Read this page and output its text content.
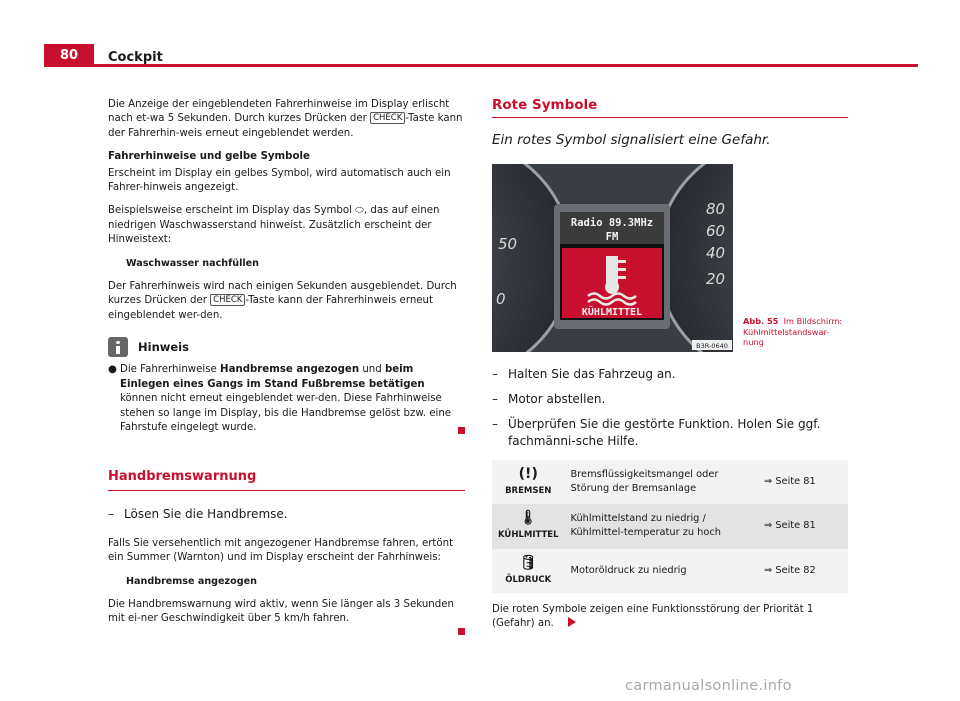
80	Cockpit

Die Anzeige der eingeblendeten Fahrerhinweise im Display erlischt nach et-wa 5 Sekunden. Durch kurzes Drücken der CHECK -Taste kann der Fahrerhin-weis erneut eingeblendet werden.

Fahrerhinweise und gelbe Symbole

Erscheint im Display ein gelbes Symbol, wird automatisch auch ein Fahrer-hinweis angezeigt.

Beispielsweise erscheint im Display das Symbol ⬭, das auf einen niedrigen Waschwasserstand hinweist. Zusätzlich erscheint der Hinweistext:

Waschwasser nachfüllen

Der Fahrerhinweis wird nach einigen Sekunden ausgeblendet. Durch kurzes Drücken der CHECK -Taste kann der Fahrerhinweis erneut eingeblendet wer-den.

Hinweis
● Die Fahrerhinweise Handbremse angezogen und beim Einlegen eines Gangs im Stand Fußbremse betätigen können nicht erneut eingeblendet wer-den. Diese Fahrhinweise stehen so lange im Display, bis die Handbremse gelöst bzw. eine Fahrstufe eingelegt wurde.
Handbremswarnung
– Lösen Sie die Handbremse.

Falls Sie versehentlich mit angezogener Handbremse fahren, ertönt ein Summer (Warnton) und im Display erscheint der Fahrhinweis:

Handbremse angezogen

Die Handbremswarnung wird aktiv, wenn Sie länger als 3 Sekunden mit ei-ner Geschwindigkeit über 5 km/h fahren.

Rote Symbole
Ein rotes Symbol signalisiert eine Gefahr.
Radio 89.3MHz
FM
KÜHLMITTEL
50
0
80
60
40
20
B3R-0640
Abb. 55 Im Bildschirm: Kühlmittelstandswar-nung
– Halten Sie das Fahrzeug an.
– Motor abstellen.
– Überprüfen Sie die gestörte Funktion. Holen Sie ggf. fachmänni-sche Hilfe.
(!)
BREMSEN	Bremsflüssigkeitsmangel oder Störung der Bremsanlage	⇒ Seite 81

🌡
KÜHLMITTEL	Kühlmittelstand zu niedrig / Kühlmittel-temperatur zu hoch	⇒ Seite 81

🛢
ÖLDRUCK	Motoröldruck zu niedrig	⇒ Seite 82

Die roten Symbole zeigen eine Funktionsstörung der Priorität 1 (Gefahr) an.

carmanualsonline.info
